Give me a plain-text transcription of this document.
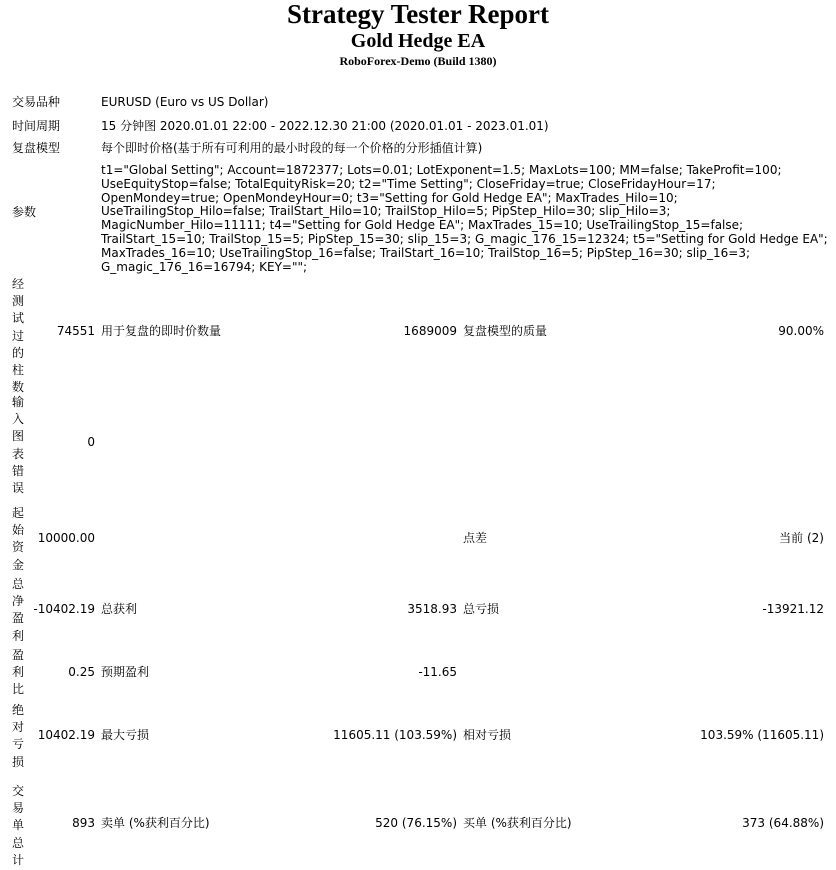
Strategy Tester Report
Gold Hedge EA
RoboForex-Demo (Build 1380)
交易品种	EURUSD (Euro vs US Dollar)
时间周期	15 分钟图 2020.01.01 22:00 - 2022.12.30 21:00 (2020.01.01 - 2023.01.01)
复盘模型	每个即时价格(基于所有可利用的最小时段的每一个价格的分形插值计算)
参数
t1="Global Setting"; Account=1872377; Lots=0.01; LotExponent=1.5; MaxLots=100; MM=false; TakeProfit=100; UseEquityStop=false; TotalEquityRisk=20; t2="Time Setting"; CloseFriday=true; CloseFridayHour=17; OpenMondey=true; OpenMondeyHour=0; t3="Setting for Gold Hedge EA"; MaxTrades_Hilo=10; UseTrailingStop_Hilo=false; TrailStart_Hilo=10; TrailStop_Hilo=5; PipStep_Hilo=30; slip_Hilo=3; MagicNumber_Hilo=11111; t4="Setting for Gold Hedge EA"; MaxTrades_15=10; UseTrailingStop_15=false; TrailStart_15=10; TrailStop_15=5; PipStep_15=30; slip_15=3; G_magic_176_15=12324; t5="Setting for Gold Hedge EA"; MaxTrades_16=10; UseTrailingStop_16=false; TrailStart_16=10; TrailStop_16=5; PipStep_16=30; slip_16=3; G_magic_176_16=16794; KEY="";
经测试过的柱数
74551 用于复盘的即时价数量	1689009 复盘模型的质量	90.00%
输入图表错误
0
起始资金
10000.00	点差	当前 (2)
总净盈利
-10402.19 总获利	3518.93 总亏损	-13921.12
盈利比
0.25 预期盈利	-11.65
绝对亏损
10402.19 最大亏损	11605.11 (103.59%) 相对亏损	103.59% (11605.11)
交易单总计
893 卖单 (%获利百分比)	520 (76.15%) 买单 (%获利百分比)	373 (64.88%)
